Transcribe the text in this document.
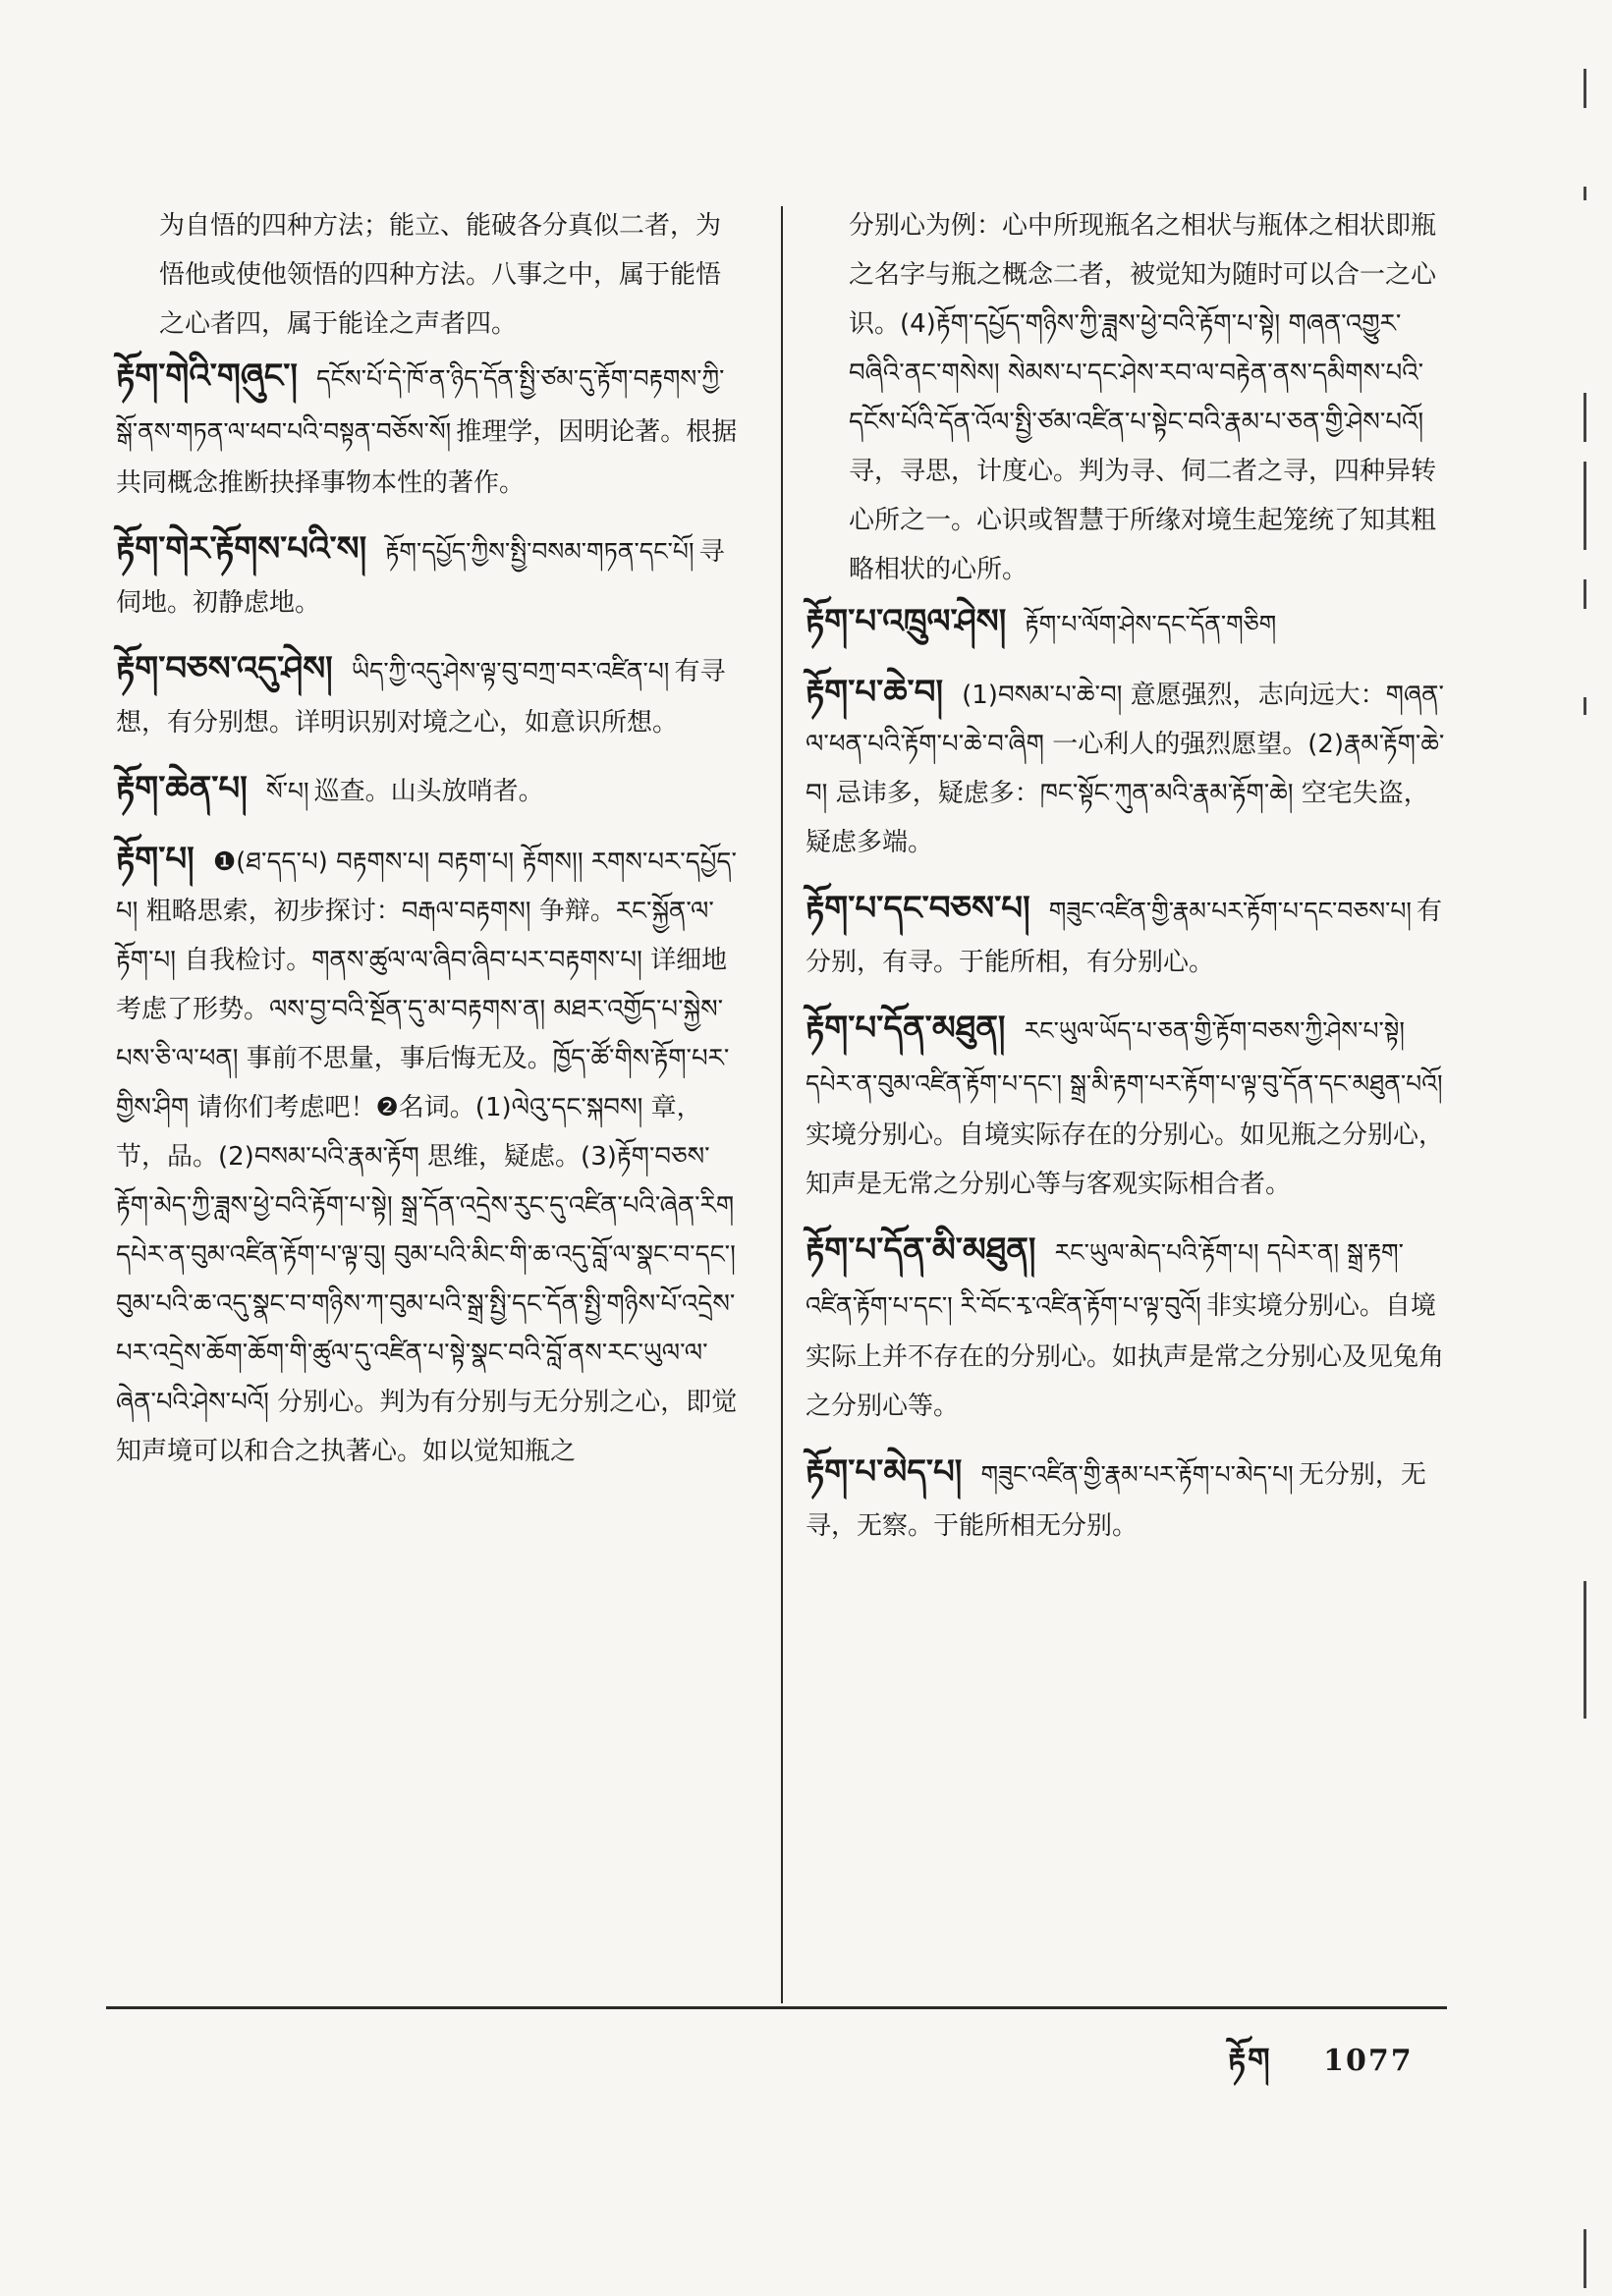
为自悟的四种方法；能立、能破各分真似二者，为悟他或使他领悟的四种方法。八事之中，属于能悟之心者四，属于能诠之声者四。

རྟོག་གེའི་གཞུང་། དངོས་པོ་དེ་ཁོ་ན་ཉིད་དོན་སྤྱི་ཙམ་དུ་རྟོག་བརྟགས་ཀྱི་སྒོ་ནས་གཏན་ལ་ཕབ་པའི་བསྟན་བཅོས་སོ། 推理学，因明论著。根据共同概念推断抉择事物本性的著作。
རྟོག་གེར་རྟོགས་པའི་ས། རྟོག་དཔྱོད་ཀྱིས་སྤྱི་བསམ་གཏན་དང་པོ། 寻伺地。初静虑地。
རྟོག་བཅས་འདུ་ཤེས། ཡིད་ཀྱི་འདུ་ཤེས་ལྟ་བུ་བཀྲ་བར་འཛིན་པ། 有寻想，有分别想。详明识别对境之心，如意识所想。
རྟོག་ཆེན་པ། སོ་པ། 巡查。山头放哨者。
རྟོག་པ། ❶(ཐ་དད་པ) བརྟགས་པ། བརྟག་པ། རྟོགས།། རགས་པར་དཔྱོད་པ། 粗略思索，初步探讨：བརྒལ་བརྟགས། 争辩。རང་སྐྱོན་ལ་རྟོག་པ། 自我检讨。གནས་ཚུལ་ལ་ཞིབ་ཞིབ་པར་བརྟགས་པ། 详细地考虑了形势。ལས་བྱ་བའི་སྔོན་དུ་མ་བརྟགས་ན། མཐར་འགྱོད་པ་སྐྱེས་པས་ཅི་ལ་ཕན། 事前不思量，事后悔无及。ཁྱོད་ཚོ་གིས་རྟོག་པར་གྱིས་ཤིག 请你们考虑吧！❷名词。(1)ལེའུ་དང་སྐབས། 章，节，品。(2)བསམ་པའི་རྣམ་རྟོག 思维，疑虑。(3)རྟོག་བཅས་རྟོག་མེད་ཀྱི་ཟླས་ཕྱེ་བའི་རྟོག་པ་སྟེ། སྒྲ་དོན་འདྲེས་རུང་དུ་འཛིན་པའི་ཞེན་རིག དཔེར་ན་བུམ་འཛིན་རྟོག་པ་ལྟ་བུ། བུམ་པའི་མིང་གི་ཆ་འདུ་བློ་ལ་སྣང་བ་དང་། བུམ་པའི་ཆ་འདུ་སྣང་བ་གཉིས་ཀ་བུམ་པའི་སྒྲ་སྤྱི་དང་དོན་སྤྱི་གཉིས་པོ་འདྲེས་པར་འདྲེས་ཆོག་ཆོག་གི་ཚུལ་དུ་འཛིན་པ་སྟེ་སྣང་བའི་བློ་ནས་རང་ཡུལ་ལ་ཞེན་པའི་ཤེས་པའོ། 分别心。判为有分别与无分别之心，即觉知声境可以和合之执著心。如以觉知瓶之

分别心为例：心中所现瓶名之相状与瓶体之相状即瓶之名字与瓶之概念二者，被觉知为随时可以合一之心识。(4)རྟོག་དཔྱོད་གཉིས་ཀྱི་ཟླས་ཕྱེ་བའི་རྟོག་པ་སྟེ། གཞན་འགྱུར་བཞིའི་ནང་གསེས། སེམས་པ་དང་ཤེས་རབ་ལ་བརྟེན་ནས་དམིགས་པའི་དངོས་པོའི་དོན་འོལ་སྤྱི་ཙམ་འཛིན་པ་སྟེང་བའི་རྣམ་པ་ཅན་གྱི་ཤེས་པའོ། 寻，寻思，计度心。判为寻、伺二者之寻，四种异转心所之一。心识或智慧于所缘对境生起笼统了知其粗略相状的心所。

རྟོག་པ་འཁྲུལ་ཤེས། རྟོག་པ་ལོག་ཤེས་དང་དོན་གཅིག
རྟོག་པ་ཆེ་བ། (1)བསམ་པ་ཆེ་བ། 意愿强烈，志向远大：གཞན་ལ་ཕན་པའི་རྟོག་པ་ཆེ་བ་ཞིག 一心利人的强烈愿望。(2)རྣམ་རྟོག་ཆེ་བ། 忌讳多，疑虑多：ཁང་སྟོང་ཀུན་མའི་རྣམ་རྟོག་ཆེ། 空宅失盗，疑虑多端。
རྟོག་པ་དང་བཅས་པ། གཟུང་འཛིན་གྱི་རྣམ་པར་རྟོག་པ་དང་བཅས་པ། 有分别，有寻。于能所相，有分别心。
རྟོག་པ་དོན་མཐུན། རང་ཡུལ་ཡོད་པ་ཅན་གྱི་རྟོག་བཅས་ཀྱི་ཤེས་པ་སྟེ། དཔེར་ན་བུམ་འཛིན་རྟོག་པ་དང་། སྒྲ་མི་རྟག་པར་རྟོག་པ་ལྟ་བུ་དོན་དང་མཐུན་པའོ། 实境分别心。自境实际存在的分别心。如见瓶之分别心，知声是无常之分别心等与客观实际相合者。
རྟོག་པ་དོན་མི་མཐུན། རང་ཡུལ་མེད་པའི་རྟོག་པ། དཔེར་ན། སྒྲ་རྟག་འཛིན་རྟོག་པ་དང་། རི་བོང་རྭ་འཛིན་རྟོག་པ་ལྟ་བུའོ། 非实境分别心。自境实际上并不存在的分别心。如执声是常之分别心及见兔角之分别心等。
རྟོག་པ་མེད་པ། གཟུང་འཛིན་གྱི་རྣམ་པར་རྟོག་པ་མེད་པ། 无分别，无寻，无察。于能所相无分别。
རྟོག 1077
